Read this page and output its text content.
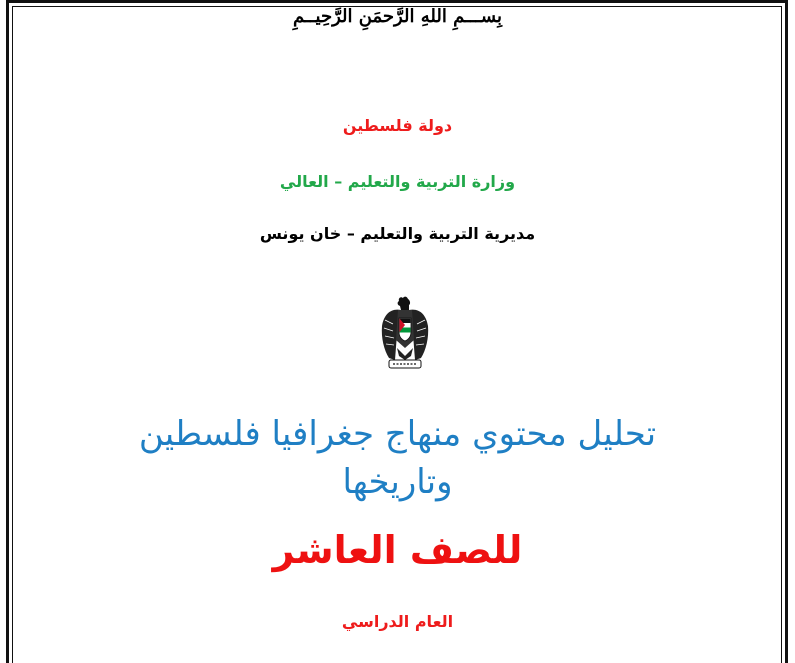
بِســـمِ اللهِ الرَّحمَنِ الرَّحِيــمِ
دولة فلسطين
وزارة التربية والتعليم – العالي
مديرية التربية والتعليم – خان يونس
تحليل محتوي منهاج جغرافيا فلسطين
وتاريخها
للصف العاشر
العام الدراسي
